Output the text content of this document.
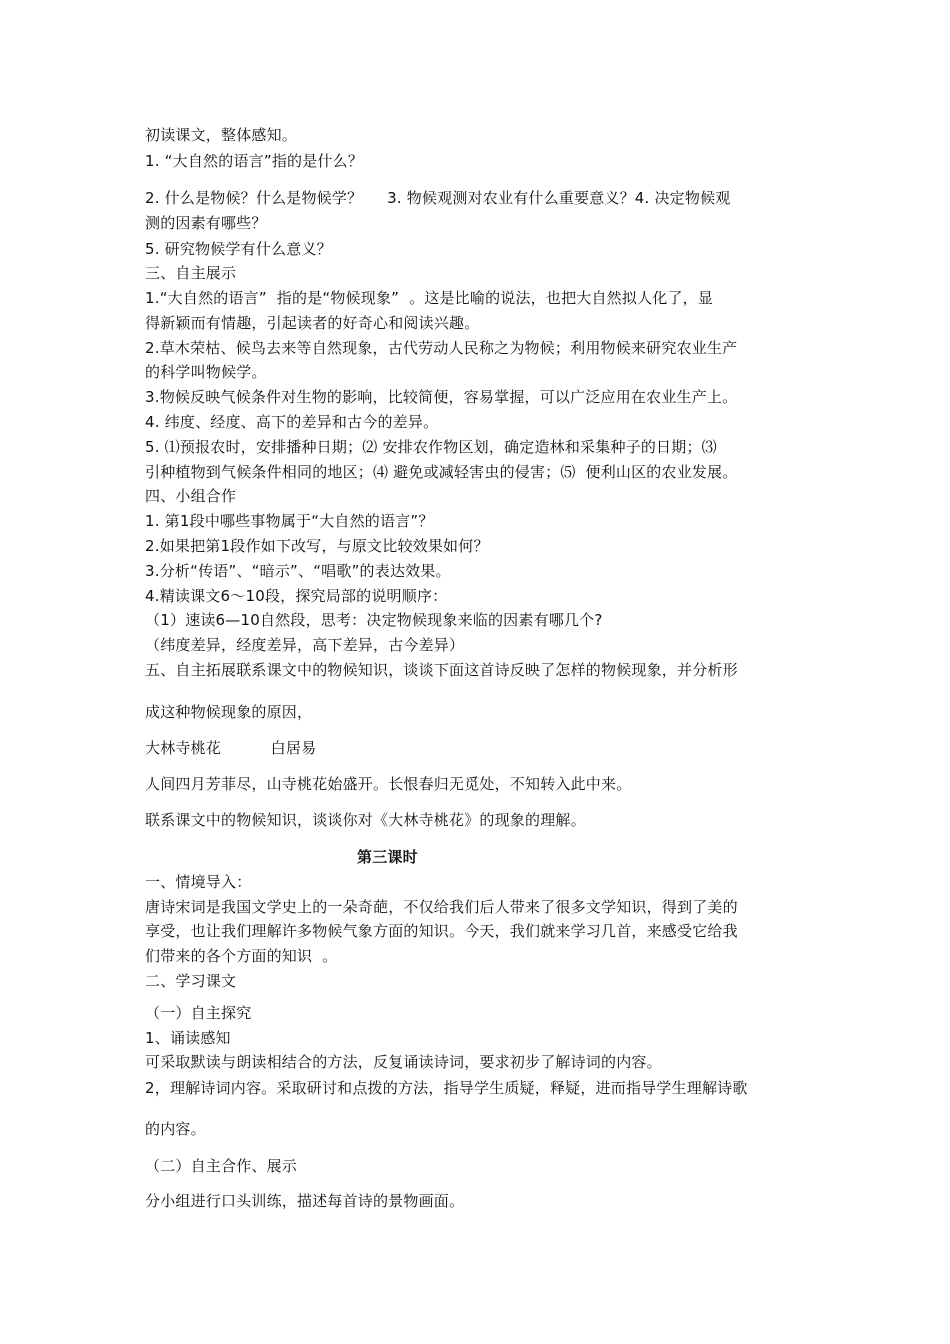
初读课文，整体感知。
1. “大自然的语言”指的是什么？
2. 什么是物候？什么是物候学？     3. 物候观测对农业有什么重要意义？4. 决定物候观
测的因素有哪些？
5. 研究物候学有什么意义？
三、自主展示
1.“大自然的语言”  指的是“物候现象”  。这是比喻的说法，也把大自然拟人化了，显
得新颖而有情趣，引起读者的好奇心和阅读兴趣。
2.草木荣枯、候鸟去来等自然现象，古代劳动人民称之为物候；利用物候来研究农业生产
的科学叫物候学。
3.物候反映气候条件对生物的影响，比较简便，容易掌握，可以广泛应用在农业生产上。
4. 纬度、经度、高下的差异和古今的差异。
5. ⑴预报农时，安排播种日期；⑵ 安排农作物区划，确定造林和采集种子的日期；⑶
引种植物到气候条件相同的地区；⑷ 避免或减轻害虫的侵害；⑸  便利山区的农业发展。
四、小组合作
1. 第1段中哪些事物属于“大自然的语言”？
2.如果把第1段作如下改写，与原文比较效果如何？
3.分析“传语”、“暗示”、“唱歌”的表达效果。
4.精读课文6～10段，探究局部的说明顺序：
（1）速读6—10自然段，思考：决定物候现象来临的因素有哪几个?
（纬度差异，经度差异，高下差异，古今差异）
五、自主拓展联系课文中的物候知识，谈谈下面这首诗反映了怎样的物候现象，并分析形
成这种物候现象的原因，
大林寺桃花          白居易
人间四月芳菲尽，山寺桃花始盛开。长恨春归无觅处，不知转入此中来。
联系课文中的物候知识，谈谈你对《大林寺桃花》的现象的理解。
第三课时
一、情境导入：
唐诗宋词是我国文学史上的一朵奇葩，不仅给我们后人带来了很多文学知识，得到了美的
享受，也让我们理解许多物候气象方面的知识。今天，我们就来学习几首，来感受它给我
们带来的各个方面的知识  。
二、学习课文
（一）自主探究
1、诵读感知
可采取默读与朗读相结合的方法，反复诵读诗词，要求初步了解诗词的内容。
2，理解诗词内容。采取研讨和点拨的方法，指导学生质疑，释疑，进而指导学生理解诗歌
的内容。
（二）自主合作、展示
分小组进行口头训练，描述每首诗的景物画面。
